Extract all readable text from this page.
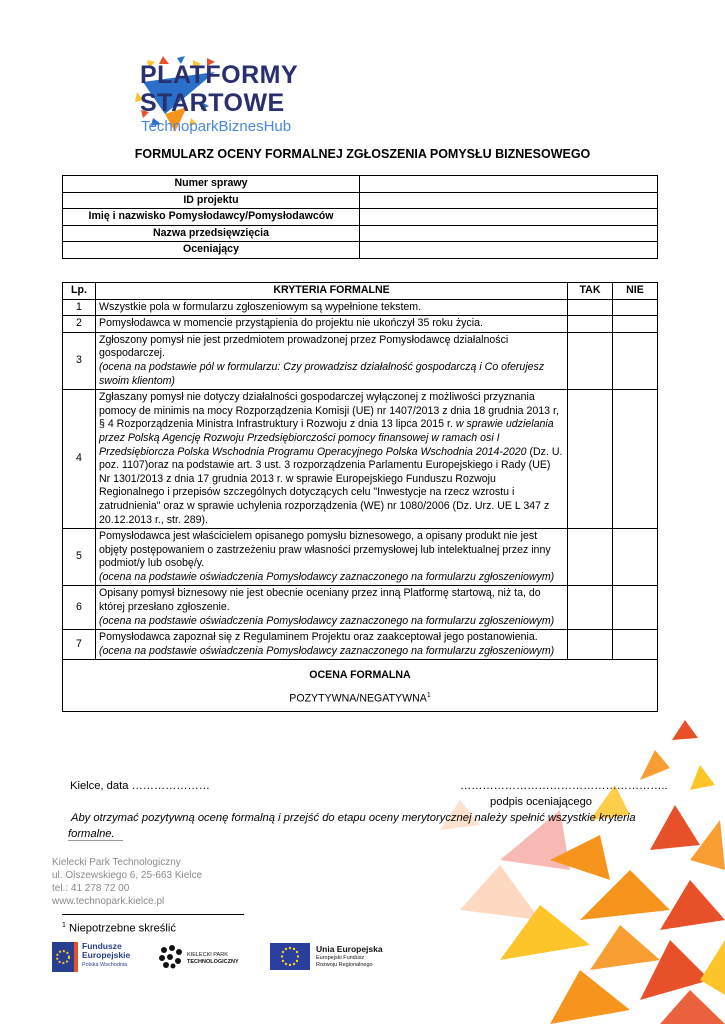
PLATFORMY
STARTOWE
TechnoparkBiznesHub
FORMULARZ OCENY FORMALNEJ ZGŁOSZENIA POMYSŁU BIZNESOWEGO
Numer sprawy	
ID projektu	
Imię i nazwisko Pomysłodawcy/Pomysłodawców	
Nazwa przedsięwzięcia	
Oceniający	
Lp.	KRYTERIA FORMALNE	TAK	NIE
1	Wszystkie pola w formularzu zgłoszeniowym są wypełnione tekstem.		
2	Pomysłodawca w momencie przystąpienia do projektu nie ukończył 35 roku życia.		
3	Zgłoszony pomysł nie jest przedmiotem prowadzonej przez Pomysłodawcę działalności gospodarczej.
(ocena na podstawie pól w formularzu: Czy prowadzisz działalność gospodarczą i Co oferujesz swoim klientom)		
4	Zgłaszany pomysł nie dotyczy działalności gospodarczej wyłączonej z możliwości przyznania pomocy de minimis na mocy Rozporządzenia Komisji (UE) nr 1407/2013 z dnia 18 grudnia 2013 r, § 4 Rozporządzenia Ministra Infrastruktury i Rozwoju z dnia 13 lipca 2015 r. w sprawie udzielania przez Polską Agencję Rozwoju Przedsiębiorczości pomocy finansowej w ramach osi I Przedsiębiorcza Polska Wschodnia Programu Operacyjnego Polska Wschodnia 2014-2020 (Dz. U. poz. 1107)oraz na podstawie art. 3 ust. 3 rozporządzenia Parlamentu Europejskiego i Rady (UE) Nr 1301/2013 z dnia 17 grudnia 2013 r. w sprawie Europejskiego Funduszu Rozwoju Regionalnego i przepisów szczególnych dotyczących celu "Inwestycje na rzecz wzrostu i zatrudnienia" oraz w sprawie uchylenia rozporządzenia (WE) nr 1080/2006 (Dz. Urz. UE L 347 z 20.12.2013 r., str. 289).		
5	Pomysłodawca jest właścicielem opisanego pomysłu biznesowego, a opisany produkt nie jest objęty postępowaniem o zastrzeżeniu praw własności przemysłowej lub intelektualnej przez inny podmiot/y lub osobę/y.
(ocena na podstawie oświadczenia Pomysłodawcy zaznaczonego na formularzu zgłoszeniowym)		
6	Opisany pomysł biznesowy nie jest obecnie oceniany przez inną Platformę startową, niż ta, do której przesłano zgłoszenie.
(ocena na podstawie oświadczenia Pomysłodawcy zaznaczonego na formularzu zgłoszeniowym)		
7	Pomysłodawca zapoznał się z Regulaminem Projektu oraz zaakceptował jego postanowienia.
(ocena na podstawie oświadczenia Pomysłodawcy zaznaczonego na formularzu zgłoszeniowym)		

OCENA FORMALNA
POZYTYWNA/NEGATYWNA$^1$
Kielce, data …………………	………………………………………………..
podpis oceniającego
Aby otrzymać pozytywną ocenę formalną i przejść do etapu oceny merytorycznej należy spełnić wszystkie kryteria formalne.
Kielecki Park Technologiczny
ul. Olszewskiego 6, 25-663 Kielce
tel.: 41 278 72 00
www.technopark.kielce.pl
$^1$ Niepotrzebne skreślić
Fundusze
Europejskie
Polska Wschodnia
KIELECKI PARK
TECHNOLOGICZNY
Unia Europejska
Europejski Fundusz
Rozwoju Regionalnego
